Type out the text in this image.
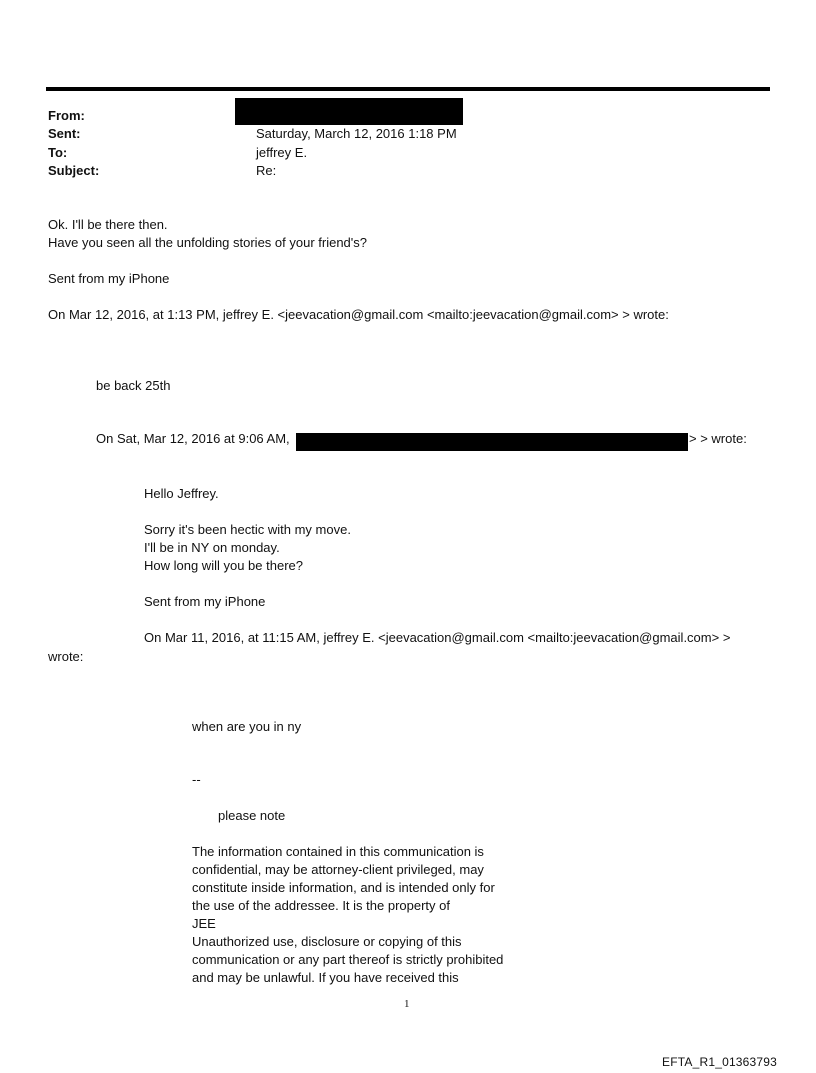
From:
Sent:	Saturday, March 12, 2016 1:18 PM
To:	jeffrey E.
Subject:	Re:
Ok. I'll be there then.
Have you seen all the unfolding stories of your friend's?
Sent from my iPhone
On Mar 12, 2016, at 1:13 PM, jeffrey E. <jeevacation@gmail.com <mailto:jeevacation@gmail.com> > wrote:
be back 25th
On Sat, Mar 12, 2016 at 9:06 AM,	> > wrote:
Hello Jeffrey.
Sorry it's been hectic with my move.
I'll be in NY on monday.
How long will you be there?
Sent from my iPhone
On Mar 11, 2016, at 11:15 AM, jeffrey E. <jeevacation@gmail.com <mailto:jeevacation@gmail.com> >
wrote:
when are you in ny
--
please note
The information contained in this communication is
confidential, may be attorney-client privileged, may
constitute inside information, and is intended only for
the use of the addressee. It is the property of
JEE
Unauthorized use, disclosure or copying of this
communication or any part thereof is strictly prohibited
and may be unlawful. If you have received this
1
EFTA_R1_01363793
